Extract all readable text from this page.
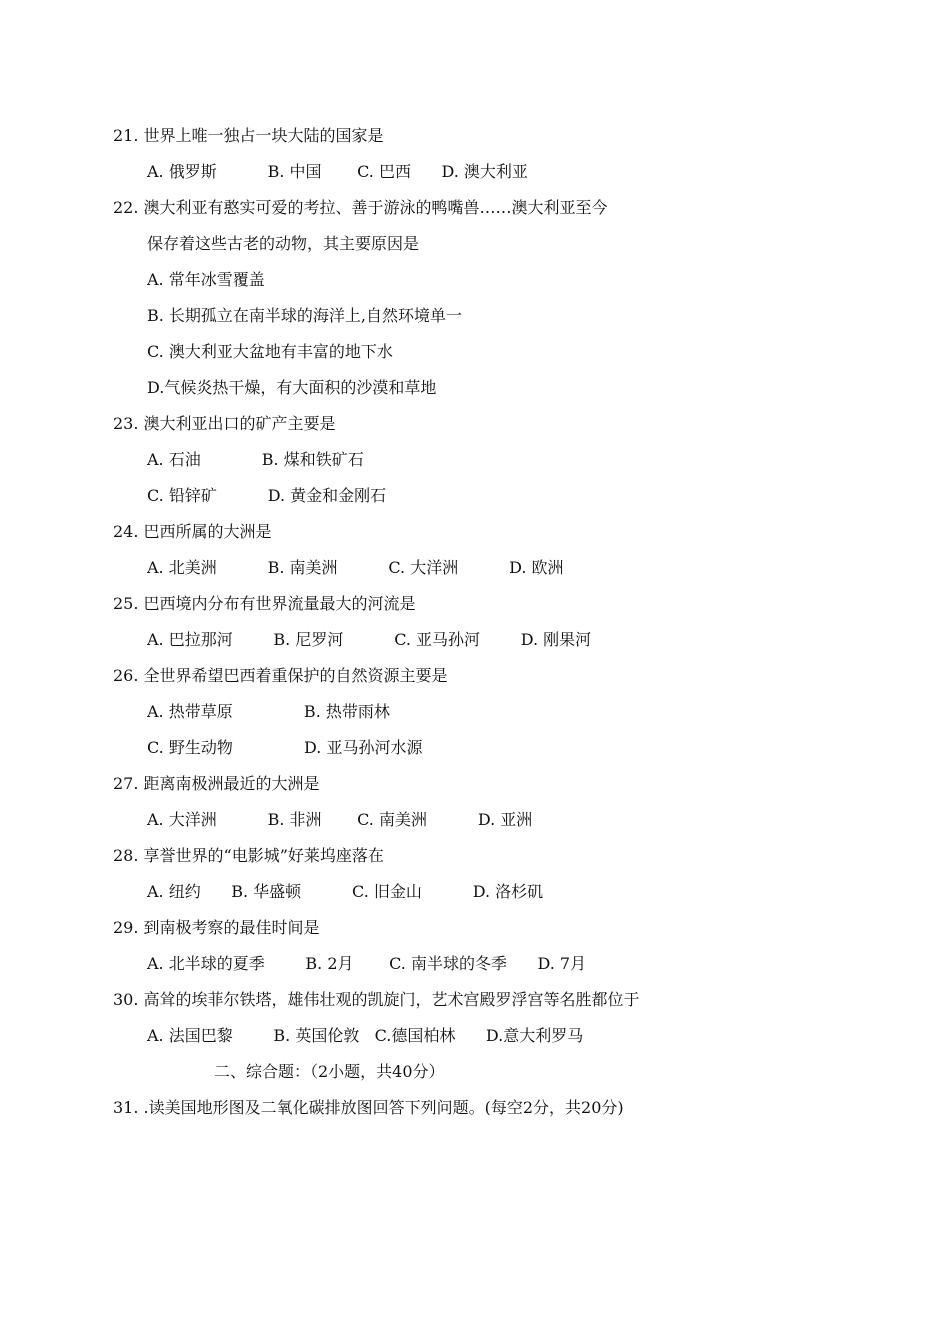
21. 世界上唯一独占一块大陆的国家是
A. 俄罗斯          B. 中国       C. 巴西      D. 澳大利亚
22. 澳大利亚有憨实可爱的考拉、善于游泳的鸭嘴兽……澳大利亚至今
保存着这些古老的动物，其主要原因是
A. 常年冰雪覆盖
B. 长期孤立在南半球的海洋上,自然环境单一
C. 澳大利亚大盆地有丰富的地下水
D.气候炎热干燥，有大面积的沙漠和草地
23. 澳大利亚出口的矿产主要是
A. 石油            B. 煤和铁矿石
C. 铅锌矿          D. 黄金和金刚石
24. 巴西所属的大洲是
A. 北美洲          B. 南美洲          C. 大洋洲          D. 欧洲
25. 巴西境内分布有世界流量最大的河流是
A. 巴拉那河        B. 尼罗河          C. 亚马孙河        D. 刚果河
26. 全世界希望巴西着重保护的自然资源主要是
A. 热带草原              B. 热带雨林
C. 野生动物              D. 亚马孙河水源
27. 距离南极洲最近的大洲是
A. 大洋洲          B. 非洲       C. 南美洲          D. 亚洲
28. 享誉世界的“电影城”好莱坞座落在
A. 纽约      B. 华盛顿          C. 旧金山          D. 洛杉矶
29. 到南极考察的最佳时间是
A. 北半球的夏季        B. 2月       C. 南半球的冬季      D. 7月
30. 高耸的埃菲尔铁塔，雄伟壮观的凯旋门，艺术宫殿罗浮宫等名胜都位于
A. 法国巴黎        B. 英国伦敦   C.德国柏林      D.意大利罗马
二、综合题：（2小题，共40分）
31. .读美国地形图及二氧化碳排放图回答下列问题。(每空2分，共20分)
